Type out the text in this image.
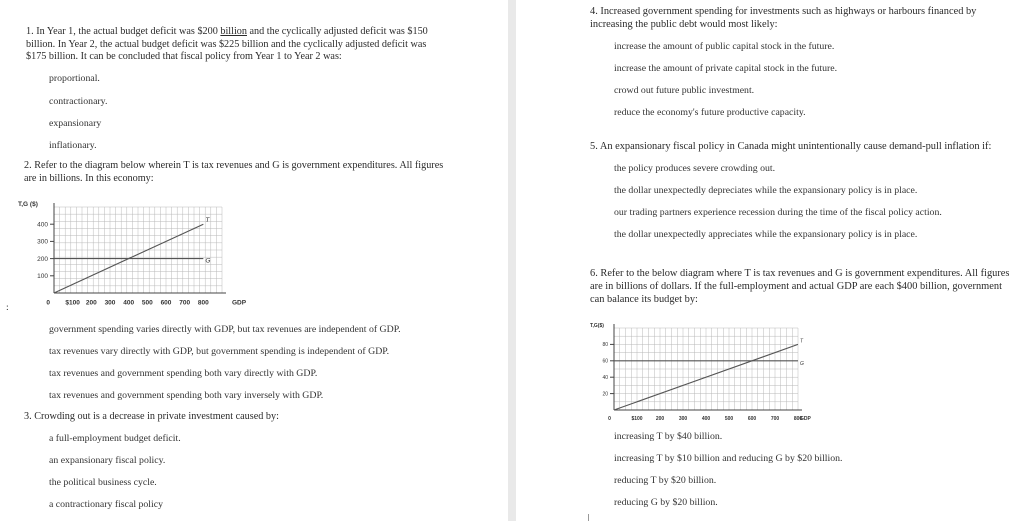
1. In Year 1, the actual budget deficit was $200 billion and the cyclically adjusted deficit was $150 billion. In Year 2, the actual budget deficit was $225 billion and the cyclically adjusted deficit was $175 billion. It can be concluded that fiscal policy from Year 1 to Year 2 was:
proportional.
contractionary.
expansionary
inflationary.
2. Refer to the diagram below wherein T is tax revenues and G is government expenditures. All figures are in billions. In this economy:
T,G ($)
100
200
300
400
0 $100 200 300 400 500 600 700 800	GDP
T
G
:
government spending varies directly with GDP, but tax revenues are independent of GDP.
tax revenues vary directly with GDP, but government spending is independent of GDP.
tax revenues and government spending both vary directly with GDP.
tax revenues and government spending both vary inversely with GDP.
3. Crowding out is a decrease in private investment caused by:
a full-employment budget deficit.
an expansionary fiscal policy.
the political business cycle.
a contractionary fiscal policy
4. Increased government spending for investments such as highways or harbours financed by increasing the public debt would most likely:
increase the amount of public capital stock in the future.
increase the amount of private capital stock in the future.
crowd out future public investment.
reduce the economy's future productive capacity.
5. An expansionary fiscal policy in Canada might unintentionally cause demand-pull inflation if:
the policy produces severe crowding out.
the dollar unexpectedly depreciates while the expansionary policy is in place.
our trading partners experience recession during the time of the fiscal policy action.
the dollar unexpectedly appreciates while the expansionary policy is in place.
6. Refer to the below diagram where T is tax revenues and G is government expenditures. All figures are in billions of dollars. If the full-employment and actual GDP are each $400 billion, government can balance its budget by:
T,G($)
20
40
60
80
0	$100	200	300	400	500	600	700	800
GDP
T
G
increasing T by $40 billion.
increasing T by $10 billion and reducing G by $20 billion.
reducing T by $20 billion.
reducing G by $20 billion.
